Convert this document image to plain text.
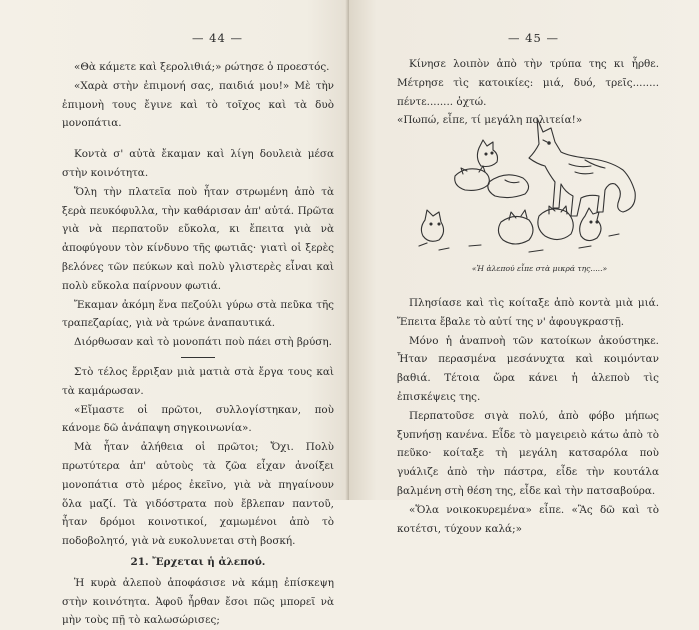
— 44 —

«Θὰ κάμετε καὶ ξερολιθιά;» ρώτησε ὁ προεστός.

«Χαρὰ στὴν ἐπιμονή σας, παιδιά μου!» Μὲ τὴν ἐπιμονὴ τους ἔγινε καὶ τὸ τοῖχος καὶ τὰ δυὸ μονοπάτια.

Κοντὰ σ' αὐτὰ ἔκαμαν καὶ λίγη δουλειὰ μέσα στὴν κοινότητα.

Ὅλη τὴν πλατεῖα ποὺ ἦταν στρωμένη ἀπὸ τὰ ξερὰ πευκόφυλλα, τὴν καθάρισαν ἀπ' αὐτά. Πρῶτα γιὰ νὰ περπατοῦν εὔκολα, κι ἔπειτα γιὰ νὰ ἀποφύγουν τὸν κίνδυνο τῆς φωτιᾶς· γιατὶ οἱ ξερὲς βελόνες τῶν πεύκων καὶ πολὺ γλιστερὲς εἶναι καὶ πολὺ εὔκολα παίρνουν φωτιά.

Ἔκαμαν ἀκόμη ἕνα πεζούλι γύρω στὰ πεῦκα τῆς τραπεζαρίας, γιὰ νὰ τρώνε ἀναπαυτικά.

Διόρθωσαν καὶ τὸ μονοπάτι ποὺ πάει στὴ βρύση.

Στὸ τέλος ἔρριξαν μιὰ ματιὰ στὰ ἔργα τους καὶ τὰ καμάρωσαν.

«Εἴμαστε οἱ πρῶτοι, συλλογίστηκαν, ποὺ κάνομε δῶ ἀνάπαψη σηγκοινωνία».

Μὰ ἦταν ἀλήθεια οἱ πρῶτοι; Ὄχι. Πολὺ πρωτύτερα ἀπ' αὐτοὺς τὰ ζῶα εἶχαν ἀνοίξει μονοπάτια στὸ μέρος ἐκεῖνο, γιὰ νὰ πηγαίνουν ὅλα μαζί. Τὰ γιδόστρατα ποὺ ἔβλεπαν παντοῦ, ἦταν δρόμοι κοινοτικοί, χαμωμένοι ἀπὸ τὸ ποδοβολητό, γιὰ νὰ ευκολυνεται στὴ βοσκή.

21. Ἔρχεται ἡ ἀλεπού.

Ἡ κυρὰ ἀλεποὺ ἀποφάσισε νὰ κάμῃ ἐπίσκεψη στὴν κοινότητα. Ἀφοῦ ἦρθαν ἔσοι πῶς μπορεῖ νὰ μὴν τοὺς πῇ τὸ καλωσώρισες;

— 45 —

Κίνησε λοιπὸν ἀπὸ τὴν τρύπα της κι ἦρθε. Μέτρησε τὶς κατοικίες: μιά, δυό, τρεῖς........ πέντε........ ὀχτώ.

«Πωπώ, εἶπε, τί μεγάλη πολιτεία!»

«Ἡ ἀλεπού εἶπε στὰ μικρά της.....»

Πλησίασε καὶ τὶς κοίταξε ἀπὸ κοντὰ μιὰ μιά. Ἔπειτα ἔβαλε τὸ αὐτί της ν' ἀφουγκραστῇ.

Μόνο ἡ ἀναπνοὴ τῶν κατοίκων ἀκούστηκε. Ἦταν περασμένα μεσάνυχτα καὶ κοιμόνταν βαθιά. Τέτοια ὥρα κάνει ἡ ἀλεποὺ τὶς ἐπισκέψεις της.

Περπατοῦσε σιγὰ πολύ, ἀπὸ φόβο μήπως ξυπνήσῃ κανένα. Εἶδε τὸ μαγειρειὸ κάτω ἀπὸ τὸ πεῦκο· κοίταξε τὴ μεγάλη κατσαρόλα ποὺ γυάλιζε ἀπὸ τὴν πάστρα, εἶδε τὴν κουτάλα βαλμένη στὴ θέση της, εἶδε καὶ τὴν πατσαβούρα.

«Ὅλα νοικοκυρεμένα» εἶπε. «Ἂς δῶ καὶ τὸ κοτέτσι, τύχουν καλά;»
